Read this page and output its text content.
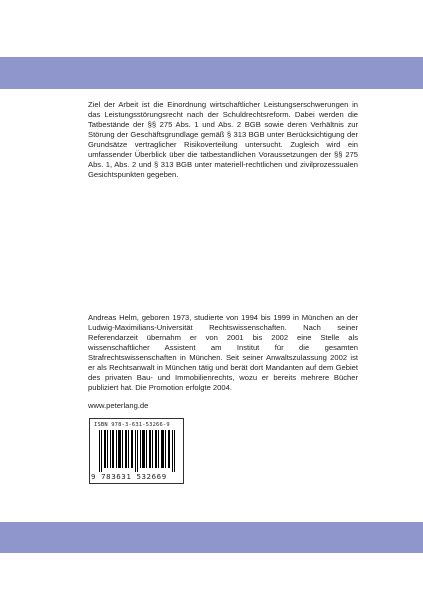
Ziel der Arbeit ist die Einordnung wirtschaftlicher Leistungserschwerungen in das Leistungsstörungsrecht nach der Schuldrechtsreform. Dabei werden die Tatbestände der §§ 275 Abs. 1 und Abs. 2 BGB sowie deren Verhältnis zur Störung der Geschäftsgrundlage gemäß § 313 BGB unter Berücksichtigung der Grundsätze vertraglicher Risikoverteilung untersucht. Zugleich wird ein umfassender Überblick über die tatbestandlichen Voraussetzungen der §§ 275 Abs. 1, Abs. 2 und § 313 BGB unter materiell-rechtlichen und zivilprozessualen Gesichtspunkten gegeben.

Andreas Helm, geboren 1973, studierte von 1994 bis 1999 in München an der Ludwig-Maximilians-Universität Rechtswissenschaften. Nach seiner Referendarzeit übernahm er von 2001 bis 2002 eine Stelle als wissenschaftlicher Assistent am Institut für die gesamten Strafrechtswissenschaften in München. Seit seiner Anwaltszulassung 2002 ist er als Rechtsanwalt in München tätig und berät dort Mandanten auf dem Gebiet des privaten Bau- und Immobilienrechts, wozu er bereits mehrere Bücher publiziert hat. Die Promotion erfolgte 2004.

www.peterlang.de
ISBN 978-3-631-53266-9
9 783631 532669
